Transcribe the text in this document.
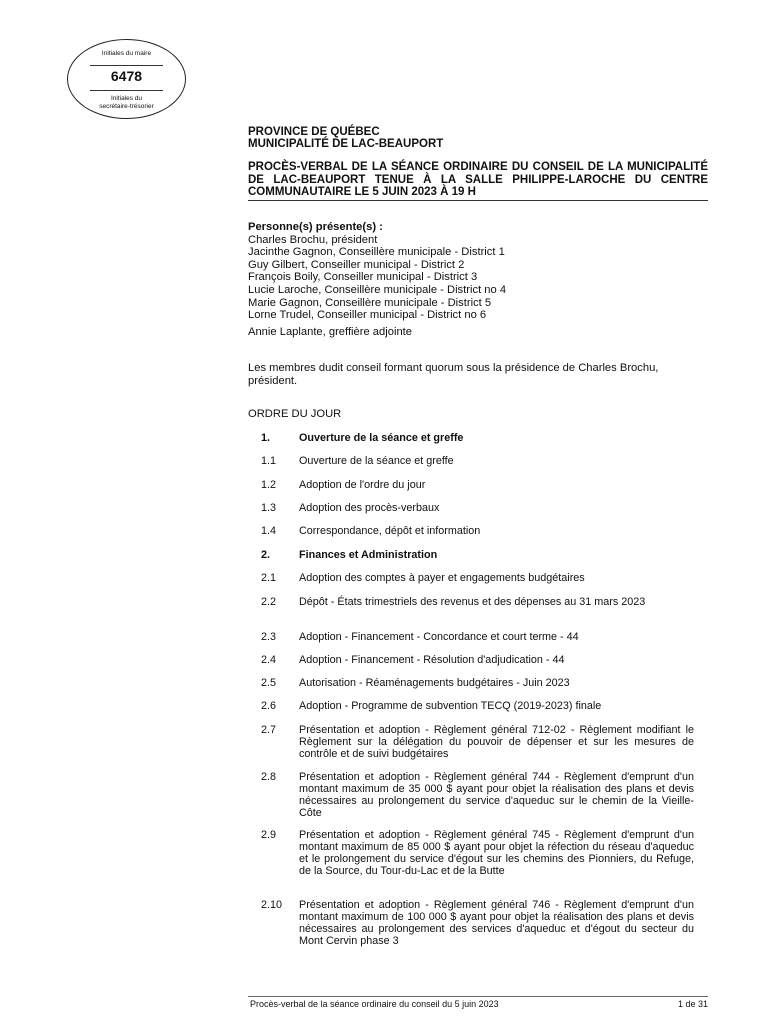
Initiales du maire
6478
Initiales du
secrétaire-trésorier
PROVINCE DE QUÉBEC
MUNICIPALITÉ DE LAC-BEAUPORT
PROCÈS-VERBAL DE LA SÉANCE ORDINAIRE DU CONSEIL DE LA MUNICIPALITÉ DE LAC-BEAUPORT TENUE À LA SALLE PHILIPPE-LAROCHE DU CENTRE COMMUNAUTAIRE LE 5 JUIN 2023 À 19 H
Personne(s) présente(s) :
Charles Brochu, président
Jacinthe Gagnon, Conseillère municipale - District 1
Guy Gilbert, Conseiller municipal - District 2
François Boily, Conseiller municipal - District 3
Lucie Laroche, Conseillère municipale - District no 4
Marie Gagnon, Conseillère municipale - District 5
Lorne Trudel, Conseiller municipal - District no 6
Annie Laplante, greffière adjointe
Les membres dudit conseil formant quorum sous la présidence de Charles Brochu, président.
ORDRE DU JOUR
1.	Ouverture de la séance et greffe
1.1	Ouverture de la séance et greffe
1.2	Adoption de l'ordre du jour
1.3	Adoption des procès-verbaux
1.4	Correspondance, dépôt et information
2.	Finances et Administration
2.1	Adoption des comptes à payer et engagements budgétaires
2.2	Dépôt - États trimestriels des revenus et des dépenses au 31 mars 2023
2.3	Adoption - Financement - Concordance et court terme - 44
2.4	Adoption - Financement - Résolution d'adjudication - 44
2.5	Autorisation - Réaménagements budgétaires - Juin 2023
2.6	Adoption - Programme de subvention TECQ (2019-2023) finale
2.7	Présentation et adoption - Règlement général 712-02 - Règlement modifiant le Règlement sur la délégation du pouvoir de dépenser et sur les mesures de contrôle et de suivi budgétaires
2.8	Présentation et adoption - Règlement général 744 - Règlement d'emprunt d'un montant maximum de 35 000 $ ayant pour objet la réalisation des plans et devis nécessaires au prolongement du service d'aqueduc sur le chemin de la Vieille-Côte
2.9	Présentation et adoption - Règlement général 745 - Règlement d'emprunt d'un montant maximum de 85 000 $ ayant pour objet la réfection du réseau d'aqueduc et le prolongement du service d'égout sur les chemins des Pionniers, du Refuge, de la Source, du Tour-du-Lac et de la Butte
2.10	Présentation et adoption - Règlement général 746 - Règlement d'emprunt d'un montant maximum de 100 000 $ ayant pour objet la réalisation des plans et devis nécessaires au prolongement des services d'aqueduc et d'égout du secteur du Mont Cervin phase 3
Procès-verbal de la séance ordinaire du conseil du 5 juin 2023	1 de 31
